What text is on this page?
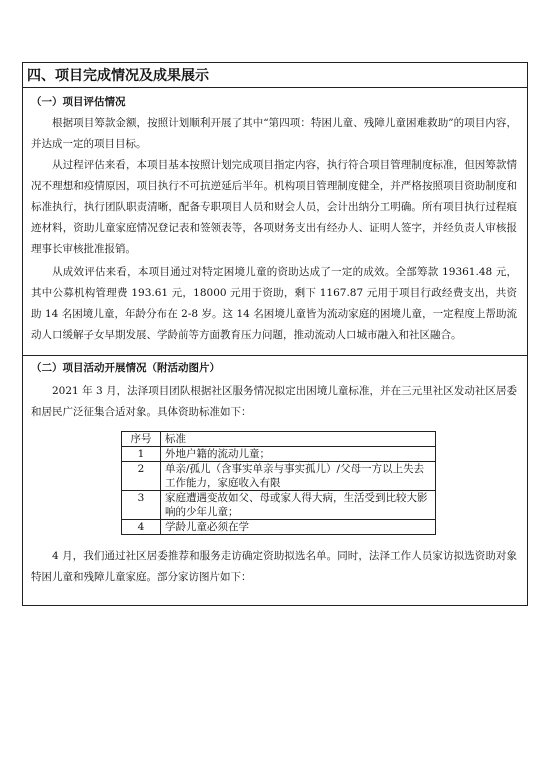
四、项目完成情况及成果展示
（一）项目评估情况

根据项目筹款金额，按照计划顺利开展了其中“第四项：特困儿童、残障儿童困难救助”的项目内容，并达成一定的项目目标。

从过程评估来看，本项目基本按照计划完成项目指定内容，执行符合项目管理制度标准，但因筹款情况不理想和疫情原因，项目执行不可抗逆延后半年。机构项目管理制度健全，并严格按照项目资助制度和标准执行，执行团队职责清晰，配备专职项目人员和财会人员，会计出纳分工明确。所有项目执行过程痕迹材料，资助儿童家庭情况登记表和签领表等，各项财务支出有经办人、证明人签字，并经负责人审核报理事长审核批准报销。

从成效评估来看，本项目通过对特定困境儿童的资助达成了一定的成效。全部筹款 19361.48 元，其中公募机构管理费 193.61 元，18000 元用于资助，剩下 1167.87 元用于项目行政经费支出，共资助 14 名困境儿童，年龄分布在 2-8 岁。这 14 名困境儿童皆为流动家庭的困境儿童，一定程度上帮助流动人口缓解子女早期发展、学龄前等方面教育压力问题，推动流动人口城市融入和社区融合。

（二）项目活动开展情况（附活动图片）

2021 年 3 月，法泽项目团队根据社区服务情况拟定出困境儿童标准，并在三元里社区发动社区居委和居民广泛征集合适对象。具体资助标准如下：

序号	标准
1	外地户籍的流动儿童；
2	单亲/孤儿（含事实单亲与事实孤儿）/父母一方以上失去工作能力，家庭收入有限
3	家庭遭遇变故如父、母或家人得大病，生活受到比较大影响的少年儿童；
4	学龄儿童必须在学

4 月，我们通过社区居委推荐和服务走访确定资助拟选名单。同时，法泽工作人员家访拟选资助对象特困儿童和残障儿童家庭。部分家访图片如下：
